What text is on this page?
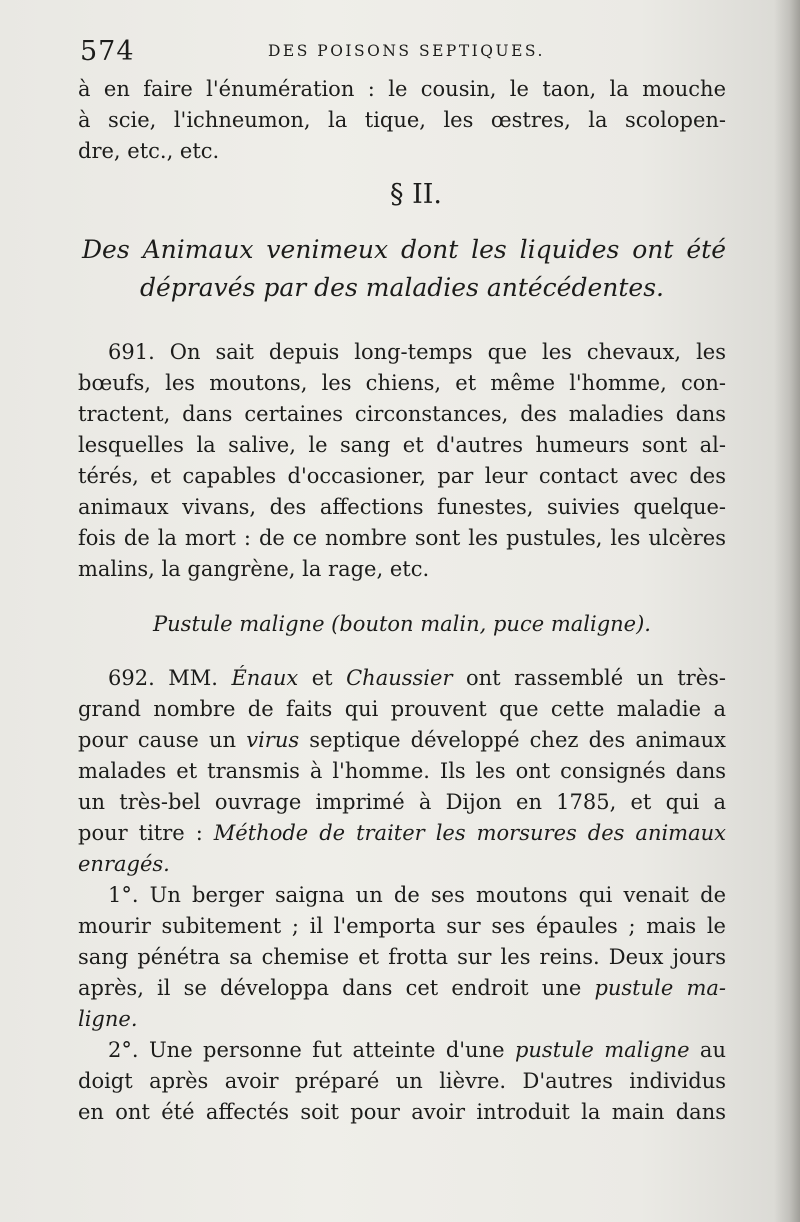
574	DES POISONS SEPTIQUES.
à en faire l'énumération : le cousin, le taon, la mouche
à scie, l'ichneumon, la tique, les œstres, la scolopen-
dre, etc., etc.
§ II.
Des Animaux venimeux dont les liquides ont été
dépravés par des maladies antécédentes.
691. On sait depuis long-temps que les chevaux, les
bœufs, les moutons, les chiens, et même l'homme, con-
tractent, dans certaines circonstances, des maladies dans
lesquelles la salive, le sang et d'autres humeurs sont al-
térés, et capables d'occasioner, par leur contact avec des
animaux vivans, des affections funestes, suivies quelque-
fois de la mort : de ce nombre sont les pustules, les ulcères
malins, la gangrène, la rage, etc.
Pustule maligne (bouton malin, puce maligne).
692. MM. Énaux et Chaussier ont rassemblé un très-
grand nombre de faits qui prouvent que cette maladie a
pour cause un virus septique développé chez des animaux
malades et transmis à l'homme. Ils les ont consignés dans
un très-bel ouvrage imprimé à Dijon en 1785, et qui a
pour titre : Méthode de traiter les morsures des animaux
enragés.
1°. Un berger saigna un de ses moutons qui venait de
mourir subitement ; il l'emporta sur ses épaules ; mais le
sang pénétra sa chemise et frotta sur les reins. Deux jours
après, il se développa dans cet endroit une pustule ma-
ligne.
2°. Une personne fut atteinte d'une pustule maligne au
doigt après avoir préparé un lièvre. D'autres individus
en ont été affectés soit pour avoir introduit la main dans
